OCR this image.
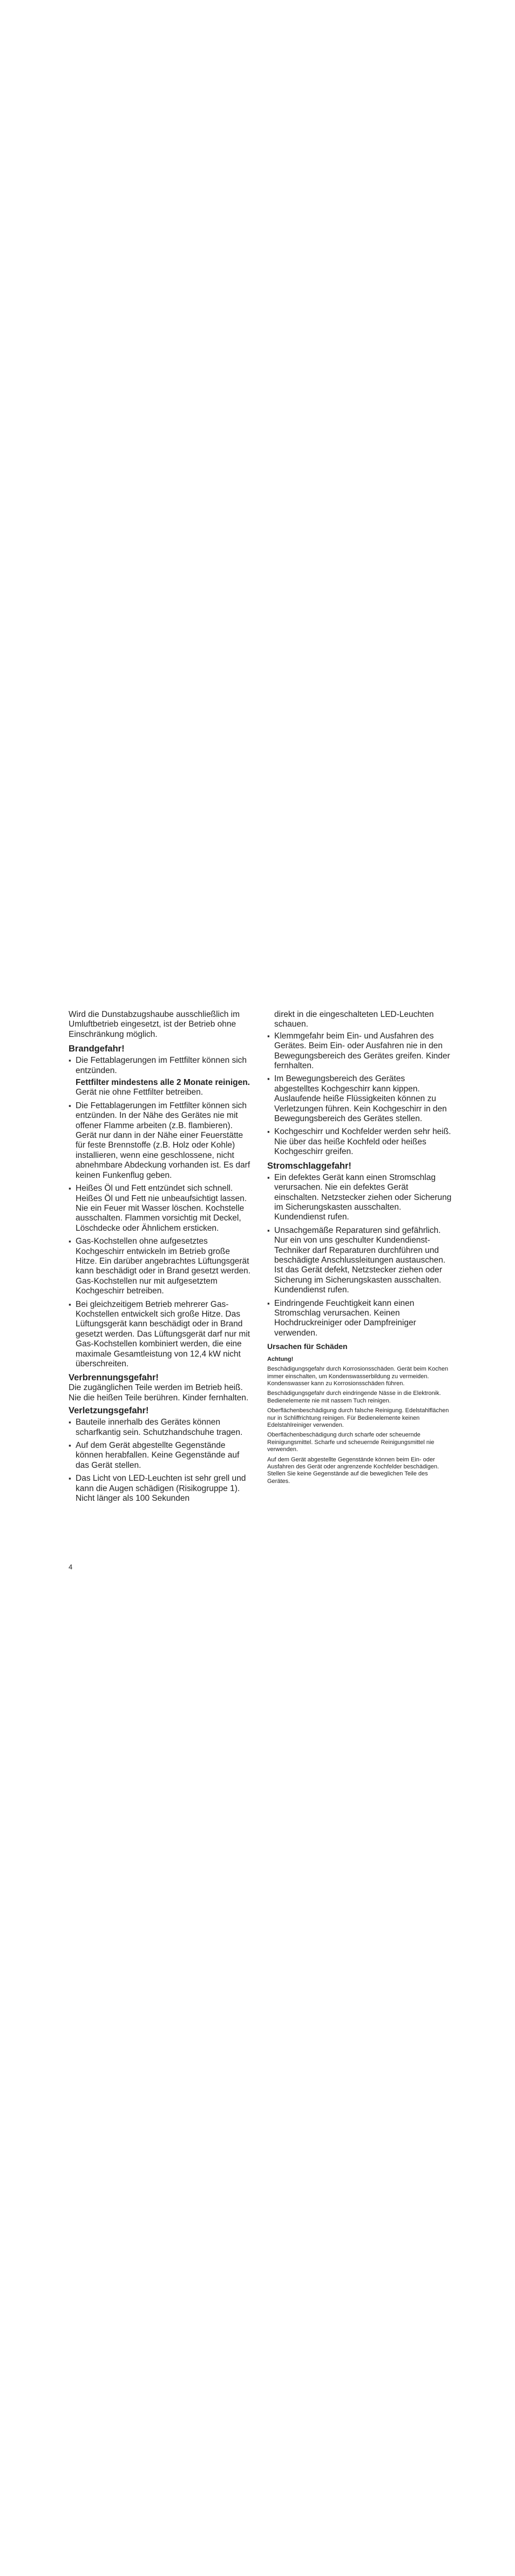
Wird die Dunstabzugshaube ausschließlich im Umluftbetrieb eingesetzt, ist der Betrieb ohne Einschränkung möglich.

Brandgefahr!
▪ Die Fettablagerungen im Fettfilter können sich entzünden.
Fettfilter mindestens alle 2 Monate reinigen.
Gerät nie ohne Fettfilter betreiben.
▪ Die Fettablagerungen im Fettfilter können sich entzünden. In der Nähe des Gerätes nie mit offener Flamme arbeiten (z.B. flambieren). Gerät nur dann in der Nähe einer Feuerstätte für feste Brennstoffe (z.B. Holz oder Kohle) installieren, wenn eine geschlossene, nicht abnehmbare Abdeckung vorhanden ist. Es darf keinen Funkenflug geben.
▪ Heißes Öl und Fett entzündet sich schnell. Heißes Öl und Fett nie unbeaufsichtigt lassen. Nie ein Feuer mit Wasser löschen. Kochstelle ausschalten. Flammen vorsichtig mit Deckel, Löschdecke oder Ähnlichem ersticken.
▪ Gas-Kochstellen ohne aufgesetztes Kochgeschirr entwickeln im Betrieb große Hitze. Ein darüber angebrachtes Lüftungsgerät kann beschädigt oder in Brand gesetzt werden. Gas-Kochstellen nur mit aufgesetztem Kochgeschirr betreiben.
▪ Bei gleichzeitigem Betrieb mehrerer Gas-Kochstellen entwickelt sich große Hitze. Das Lüftungsgerät kann beschädigt oder in Brand gesetzt werden. Das Lüftungsgerät darf nur mit Gas-Kochstellen kombiniert werden, die eine maximale Gesamtleistung von 12,4 kW nicht überschreiten.
Verbrennungsgefahr!

Die zugänglichen Teile werden im Betrieb heiß. Nie die heißen Teile berühren. Kinder fernhalten.

Verletzungsgefahr!
▪ Bauteile innerhalb des Gerätes können scharfkantig sein. Schutzhandschuhe tragen.
▪ Auf dem Gerät abgestellte Gegenstände können herabfallen. Keine Gegenstände auf das Gerät stellen.
▪ Das Licht von LED-Leuchten ist sehr grell und kann die Augen schädigen (Risikogruppe 1). Nicht länger als 100 Sekunden

direkt in die eingeschalteten LED-Leuchten schauen.

▪ Klemmgefahr beim Ein- und Ausfahren des Gerätes. Beim Ein- oder Ausfahren nie in den Bewegungsbereich des Gerätes greifen. Kinder fernhalten.
▪ Im Bewegungsbereich des Gerätes abgestelltes Kochgeschirr kann kippen. Auslaufende heiße Flüssigkeiten können zu Verletzungen führen. Kein Kochgeschirr in den Bewegungsbereich des Gerätes stellen.
▪ Kochgeschirr und Kochfelder werden sehr heiß. Nie über das heiße Kochfeld oder heißes Kochgeschirr greifen.
Stromschlaggefahr!
▪ Ein defektes Gerät kann einen Stromschlag verursachen. Nie ein defektes Gerät einschalten. Netzstecker ziehen oder Sicherung im Sicherungskasten ausschalten. Kundendienst rufen.
▪ Unsachgemäße Reparaturen sind gefährlich. Nur ein von uns geschulter Kundendienst-Techniker darf Reparaturen durchführen und beschädigte Anschlussleitungen austauschen. Ist das Gerät defekt, Netzstecker ziehen oder Sicherung im Sicherungskasten ausschalten. Kundendienst rufen.
▪ Eindringende Feuchtigkeit kann einen Stromschlag verursachen. Keinen Hochdruckreiniger oder Dampfreiniger verwenden.
Ursachen für Schäden
Achtung!

Beschädigungsgefahr durch Korrosionsschäden. Gerät beim Kochen immer einschalten, um Kondenswasserbildung zu vermeiden. Kondenswasser kann zu Korrosionsschäden führen.

Beschädigungsgefahr durch eindringende Nässe in die Elektronik. Bedienelemente nie mit nassem Tuch reinigen.

Oberflächenbeschädigung durch falsche Reinigung. Edelstahlflächen nur in Schliffrichtung reinigen. Für Bedienelemente keinen Edelstahlreiniger verwenden.

Oberflächenbeschädigung durch scharfe oder scheuernde Reinigungsmittel. Scharfe und scheuernde Reinigungsmittel nie verwenden.

Auf dem Gerät abgestellte Gegenstände können beim Ein- oder Ausfahren des Gerät oder angrenzende Kochfelder beschädigen. Stellen Sie keine Gegenstände auf die beweglichen Teile des Gerätes.

4
